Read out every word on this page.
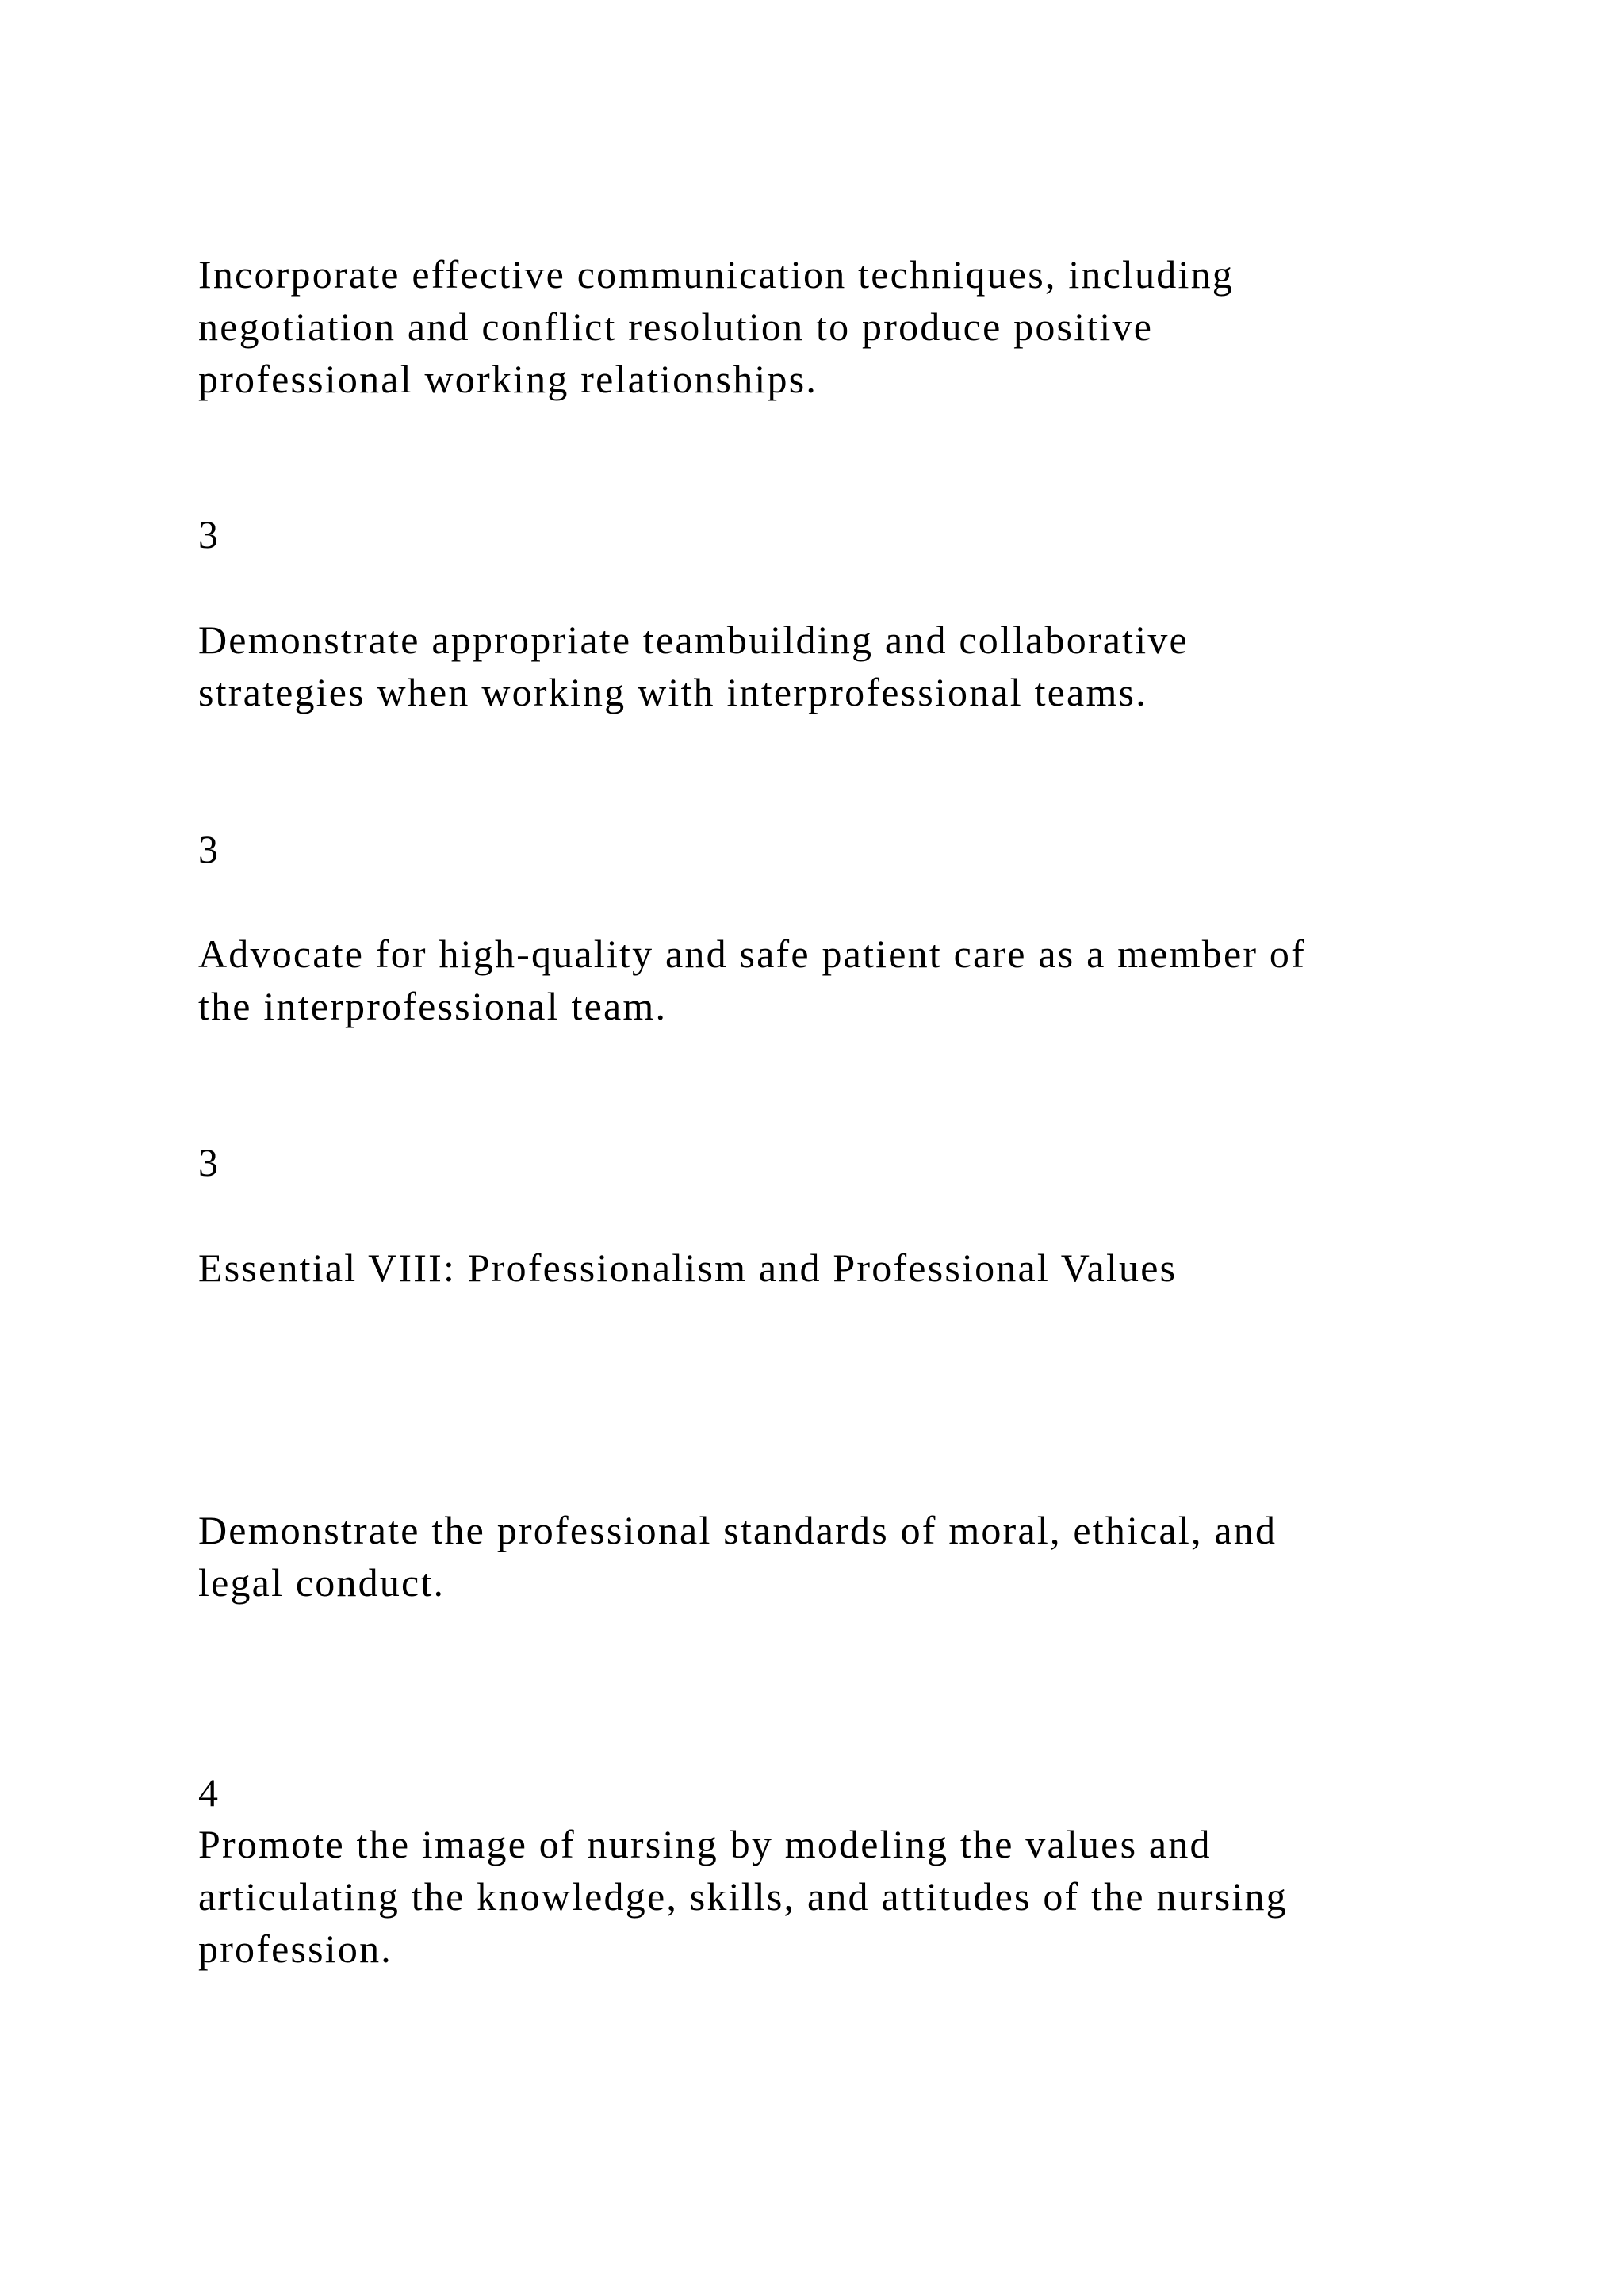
Incorporate effective communication techniques, including

negotiation and conflict resolution to produce positive

professional working relationships.

3

Demonstrate appropriate teambuilding and collaborative

strategies when working with interprofessional teams.

3

Advocate for high-quality and safe patient care as a member of

the interprofessional team.

3

Essential VIII: Professionalism and Professional Values

Demonstrate the professional standards of moral, ethical, and

legal conduct.

4

Promote the image of nursing by modeling the values and

articulating the knowledge, skills, and attitudes of the nursing

profession.
